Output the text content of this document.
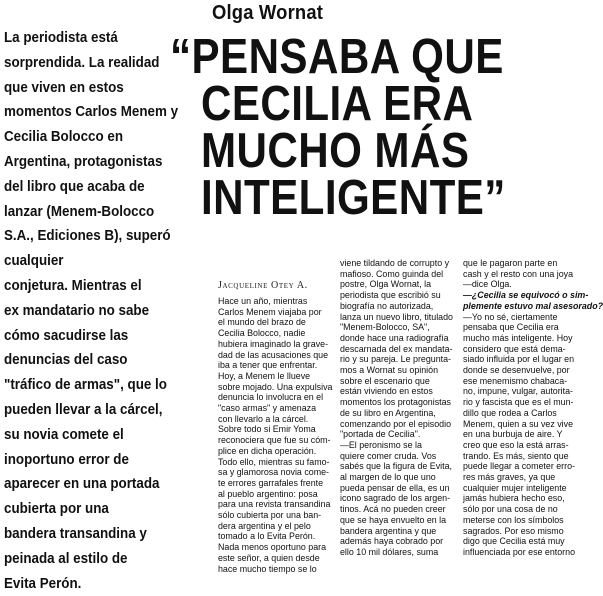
Olga Wornat
La periodista está
sorprendida. La realidad
que viven en estos
momentos Carlos Menem y
Cecilia Bolocco en
Argentina, protagonistas
del libro que acaba de
lanzar (Menem-Bolocco
S.A., Ediciones B), superó
cualquier
conjetura. Mientras el
ex mandatario no sabe
cómo sacudirse las
denuncias del caso
"tráfico de armas", que lo
pueden llevar a la cárcel,
su novia comete el
inoportuno error de
aparecer en una portada
cubierta por una
bandera transandina y
peinada al estilo de
Evita Perón.
“PENSABA QUE
CECILIA ERA
MUCHO MÁS
INTELIGENTE”
Jacqueline Otey A.
Hace un año, mientras
Carlos Menem viajaba por
el mundo del brazo de
Cecilia Bolocco, nadie
hubiera imaginado la grave-
dad de las acusaciones que
iba a tener que enfrentar.
Hoy, a Menem le llueve
sobre mojado. Una expulsiva
denuncia lo involucra en el
"caso armas" y amenaza
con llevarlo a la cárcel.
Sobre todo si Emir Yoma
reconociera que fue su cóm-
plice en dicha operación.
Todo ello, mientras su famo-
sa y glamorosa novia come-
te errores garrafales frente
al pueblo argentino: posa
para una revista transandina
sólo cubierta por una ban-
dera argentina y el pelo
tomado a lo Evita Perón.
Nada menos oportuno para
este señor, a quien desde
hace mucho tiempo se lo
viene tildando de corrupto y
mafioso. Como guinda del
postre, Olga Wornat, la
periodista que escribió su
biografía no autorizada,
lanza un nuevo libro, titulado
"Menem-Bolocco, SA",
donde hace una radiografía
descarnada del ex mandata-
rio y su pareja. Le pregunta-
mos a Wornat su opinión
sobre el escenario que
están viviendo en estos
momentos los protagonistas
de su libro en Argentina,
comenzando por el episodio
"portada de Cecilia".
—El peronismo se la
quiere comer cruda. Vos
sabés que la figura de Evita,
al margen de lo que uno
pueda pensar de ella, es un
icono sagrado de los argen-
tinos. Acá no pueden creer
que se haya envuelto en la
bandera argentina y que
además haya cobrado por
ello 10 mil dólares, suma
que le pagaron parte en
cash y el resto con una joya
—dice Olga.
—¿Cecilia se equivocó o sim-
plemente estuvo mal asesorado?
—Yo no sé, ciertamente
pensaba que Cecilia era
mucho más inteligente. Hoy
considero que está dema-
siado influida por el lugar en
donde se desenvuelve, por
ese menemismo chabaca-
no, impune, vulgar, autorita-
rio y fascista que es el mun-
dillo que rodea a Carlos
Menem, quien a su vez vive
en una burbuja de aire. Y
creo que eso la está arras-
trando. Es más, siento que
puede llegar a cometer erro-
res más graves, ya que
cualquier mujer inteligente
jamás hubiera hecho eso,
sólo por una cosa de no
meterse con los símbolos
sagrados. Por eso mismo
digo que Cecilia está muy
influenciada por ese entorno
